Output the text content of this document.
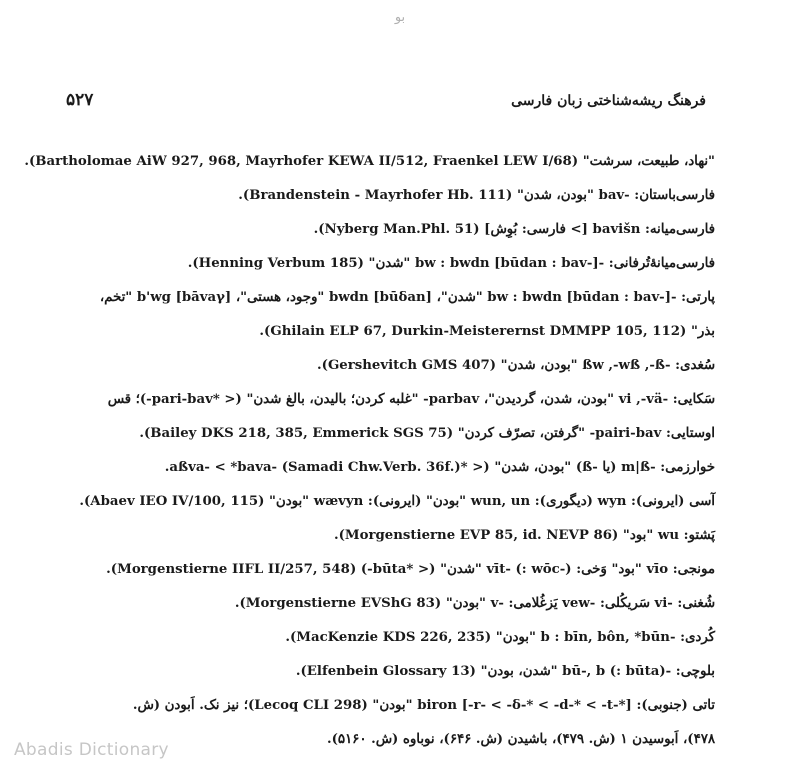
بو
۵۲۷	فرهنگ ریشه‌شناختی زبان فارسی
"نهاد، طبیعت، سرشت" (Bartholomae AiW 927, 968, Mayrhofer KEWA II/512, Fraenkel LEW I/68).
فارسی‌باستان: -bav "بودن، شدن" (Brandenstein - Mayrhofer Hb. 111).
فارسی‌میانه: bavišn [> فارسی: بُوِش] (Nyberg Man.Phl. 51).
فارسی‌میانهٔ‌تُرفانی: -bw : bwdn [būdan : bav-] "شدن" (Henning Verbum 185).
پارتی: -bw : bwdn [būdan : bav-] "شدن"، bwdn [būδan] "وجود، هستی"، b'wg [bāvaγ] "تخم،
بذر" (Ghilain ELP 67, Durkin-Meisterernst DMMPP 105, 112).
سُغدی: -ßw ,-wß ,-ß "بودن، شدن" (Gershevitch GMS 407).
سَکایی: -vi ,-vä "بودن، شدن، گردیدن"، parbav- "غلبه کردن؛ بالیدن، بالغ شدن" (< *pari-bav-)؛ قس
اوستایی: pairi-bav- "گرفتن، تصرّف کردن" (Bailey DKS 218, 385, Emmerick SGS 75).
خوارزمی: -m|ß (یا -ß) "بودن، شدن" (< *aßva- < *bava- (Samadi Chw.Verb. 36f.).
آسی (ایرونی): wyn (دیگوری): wun, un "بودن" (ایرونی): wævyn "بودن" (Abaev IEO IV/100, 115).
پَشتو: wu "بود" (Morgenstierne EVP 85, id. NEVP 86).
مونجی: vīo "بود" وَخی: vīt- (: wōc-) "شدن" (< *būta-) (Morgenstierne IIFL II/257, 548).
شُغنی: -vi سَریکُلی: -vew یَزغُلامی: -v "بودن" (Morgenstierne EVShG 83).
کُردی: -b : bīn, bôn, *būn "بودن" (MacKenzie KDS 226, 235).
بلوچی: -bū-, b (: būta) "شدن، بودن" (Elfenbein Glossary 13).
تاتی (جنوبی): biron [-r- < -δ-* < -d-* < -t-*] "بودن" (Lecoq CLI 298)؛ نیز نک. اَبودن (ش.
۴۷۸)، اَبوسیدن ۱ (ش. ۴۷۹)، باشیدن (ش. ۶۴۶)، نوباوه (ش. ۵۱۶۰).
Abadis Dictionary
